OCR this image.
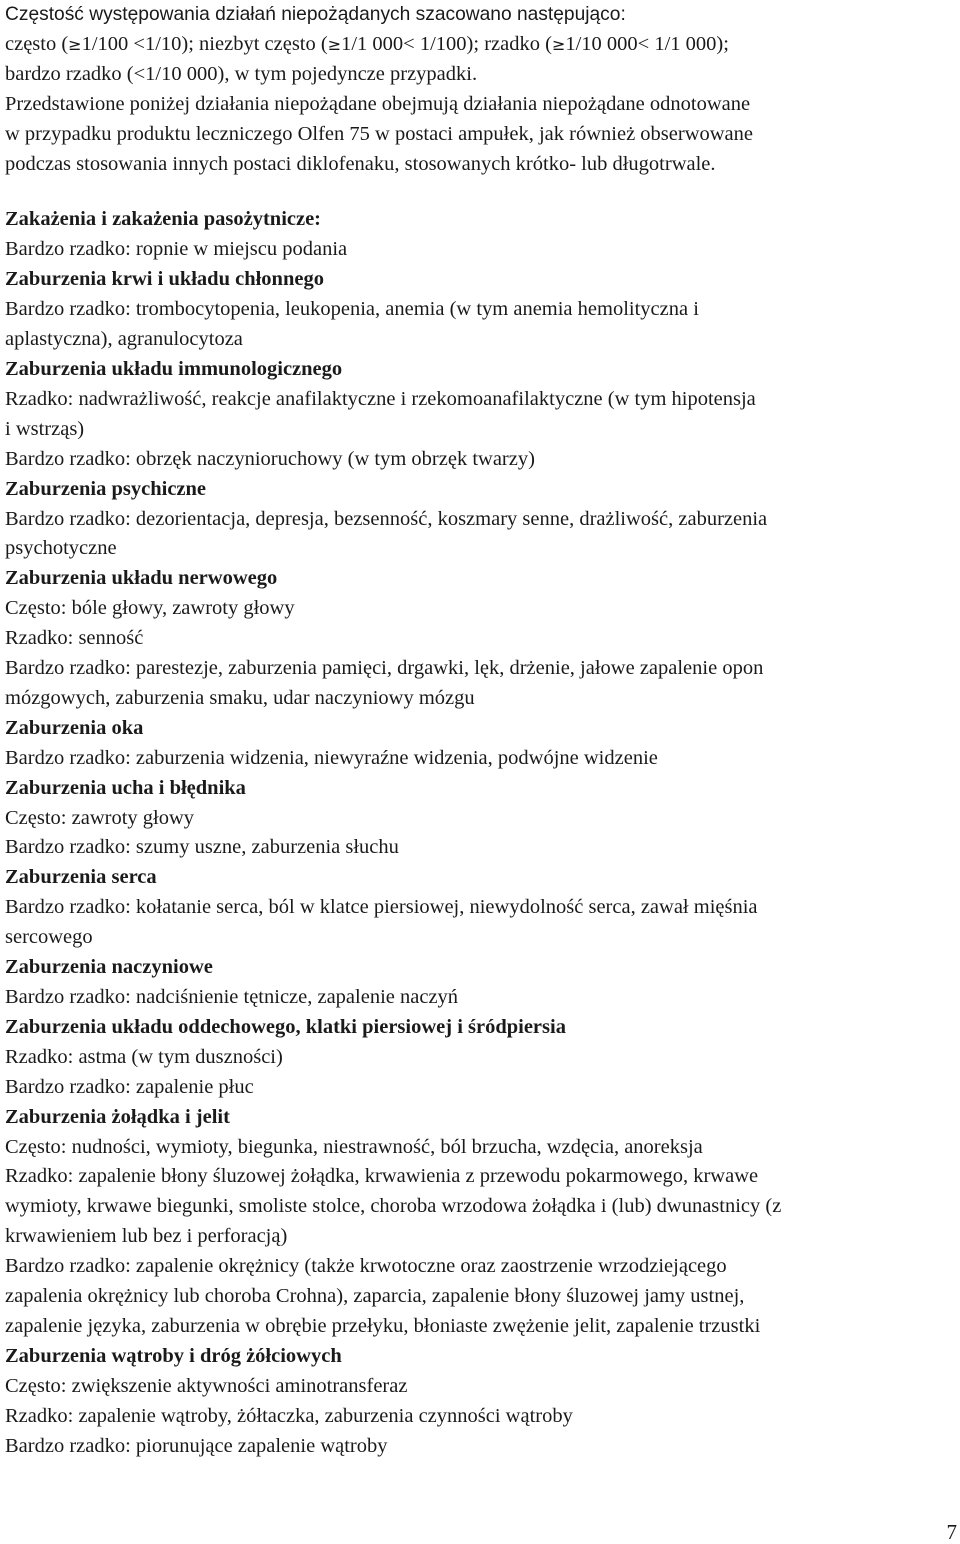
Częstość występowania działań niepożądanych szacowano następująco:
często (≥1/100 <1/10); niezbyt często (≥1/1 000< 1/100); rzadko (≥1/10 000< 1/1 000);
bardzo rzadko (<1/10 000), w tym pojedyncze przypadki.
Przedstawione poniżej działania niepożądane obejmują działania niepożądane odnotowane
w przypadku produktu leczniczego Olfen 75 w postaci ampułek, jak również obserwowane
podczas stosowania innych postaci diklofenaku, stosowanych krótko- lub długotrwale.
Zakażenia i zakażenia pasożytnicze:
Bardzo rzadko: ropnie w miejscu podania
Zaburzenia krwi i układu chłonnego
Bardzo rzadko: trombocytopenia, leukopenia, anemia (w tym anemia hemolityczna i
aplastyczna), agranulocytoza
Zaburzenia układu immunologicznego
Rzadko: nadwrażliwość, reakcje anafilaktyczne i rzekomoanafilaktyczne (w tym hipotensja
i wstrząs)
Bardzo rzadko: obrzęk naczynioruchowy (w tym obrzęk twarzy)
Zaburzenia psychiczne
Bardzo rzadko: dezorientacja, depresja, bezsenność, koszmary senne, drażliwość, zaburzenia
psychotyczne
Zaburzenia układu nerwowego
Często: bóle głowy, zawroty głowy
Rzadko: senność
Bardzo rzadko: parestezje, zaburzenia pamięci, drgawki, lęk, drżenie, jałowe zapalenie opon
mózgowych, zaburzenia smaku, udar naczyniowy mózgu
Zaburzenia oka
Bardzo rzadko: zaburzenia widzenia, niewyraźne widzenia, podwójne widzenie
Zaburzenia ucha i błędnika
Często: zawroty głowy
Bardzo rzadko: szumy uszne, zaburzenia słuchu
Zaburzenia serca
Bardzo rzadko: kołatanie serca, ból w klatce piersiowej, niewydolność serca, zawał mięśnia
sercowego
Zaburzenia naczyniowe
Bardzo rzadko: nadciśnienie tętnicze, zapalenie naczyń
Zaburzenia układu oddechowego, klatki piersiowej i śródpiersia
Rzadko: astma (w tym duszności)
Bardzo rzadko: zapalenie płuc
Zaburzenia żołądka i jelit
Często: nudności, wymioty, biegunka, niestrawność, ból brzucha, wzdęcia, anoreksja
Rzadko: zapalenie błony śluzowej żołądka, krwawienia z przewodu pokarmowego, krwawe
wymioty, krwawe biegunki, smoliste stolce, choroba wrzodowa żołądka i (lub) dwunastnicy (z
krwawieniem lub bez i perforacją)
Bardzo rzadko: zapalenie okrężnicy (także krwotoczne oraz zaostrzenie wrzodziejącego
zapalenia okrężnicy lub choroba Crohna), zaparcia, zapalenie błony śluzowej jamy ustnej,
zapalenie języka, zaburzenia w obrębie przełyku, błoniaste zwężenie jelit, zapalenie trzustki
Zaburzenia wątroby i dróg żółciowych
Często: zwiększenie aktywności aminotransferaz
Rzadko: zapalenie wątroby, żółtaczka, zaburzenia czynności wątroby
Bardzo rzadko: piorunujące zapalenie wątroby
7
